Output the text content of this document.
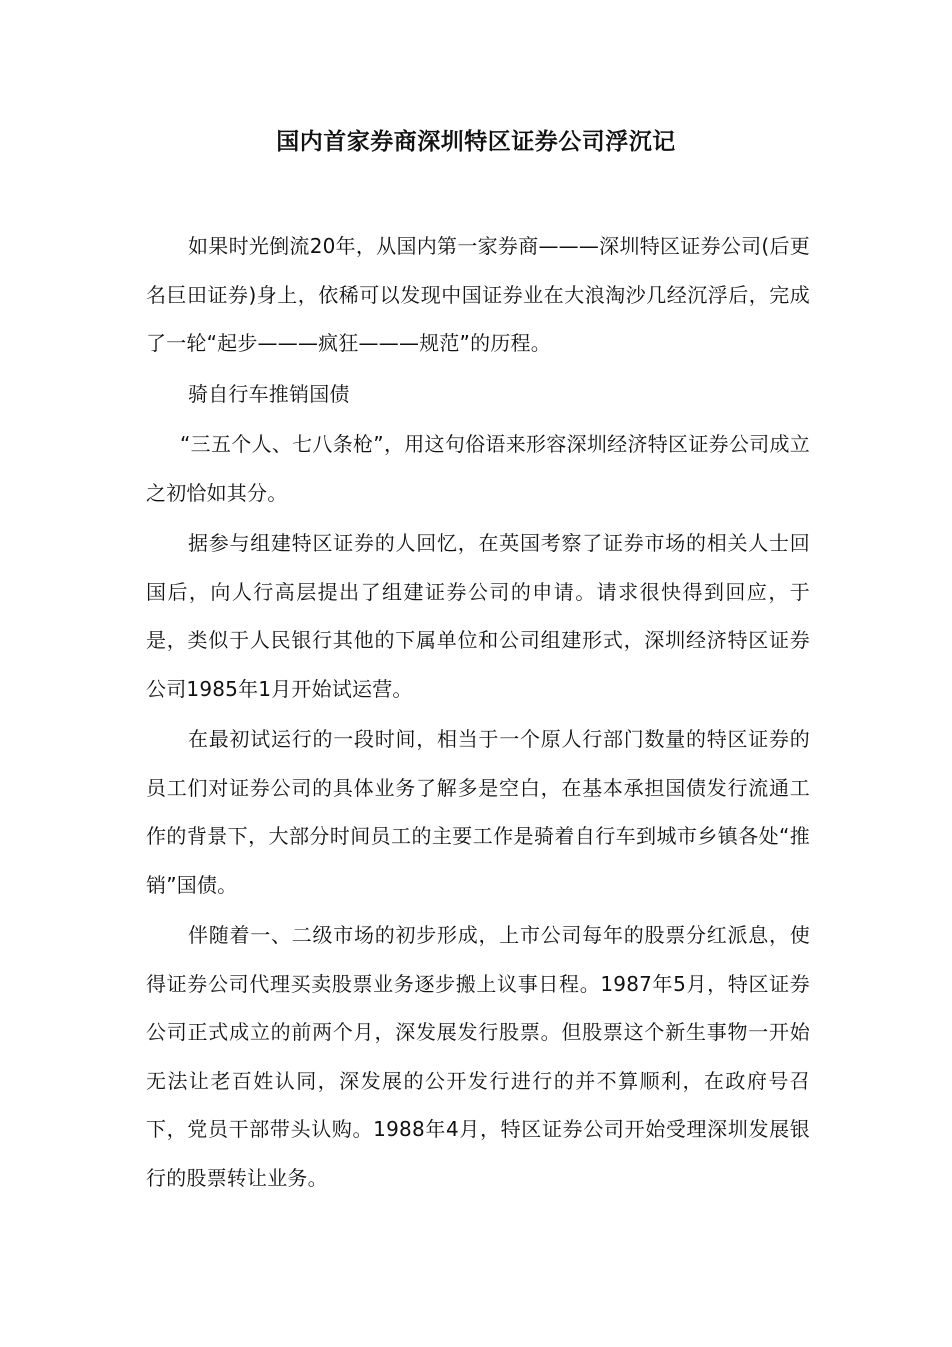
国内首家券商深圳特区证券公司浮沉记

如果时光倒流20年，从国内第一家券商———深圳特区证券公司(后更名巨田证券)身上，依稀可以发现中国证券业在大浪淘沙几经沉浮后，完成了一轮“起步———疯狂———规范”的历程。

骑自行车推销国债

“三五个人、七八条枪”，用这句俗语来形容深圳经济特区证券公司成立之初恰如其分。

据参与组建特区证券的人回忆，在英国考察了证券市场的相关人士回国后，向人行高层提出了组建证券公司的申请。请求很快得到回应，于是，类似于人民银行其他的下属单位和公司组建形式，深圳经济特区证券公司1985年1月开始试运营。

在最初试运行的一段时间，相当于一个原人行部门数量的特区证券的员工们对证券公司的具体业务了解多是空白，在基本承担国债发行流通工作的背景下，大部分时间员工的主要工作是骑着自行车到城市乡镇各处“推销”国债。

伴随着一、二级市场的初步形成，上市公司每年的股票分红派息，使得证券公司代理买卖股票业务逐步搬上议事日程。1987年5月，特区证券公司正式成立的前两个月，深发展发行股票。但股票这个新生事物一开始无法让老百姓认同，深发展的公开发行进行的并不算顺利，在政府号召下，党员干部带头认购。1988年4月，特区证券公司开始受理深圳发展银行的股票转让业务。
